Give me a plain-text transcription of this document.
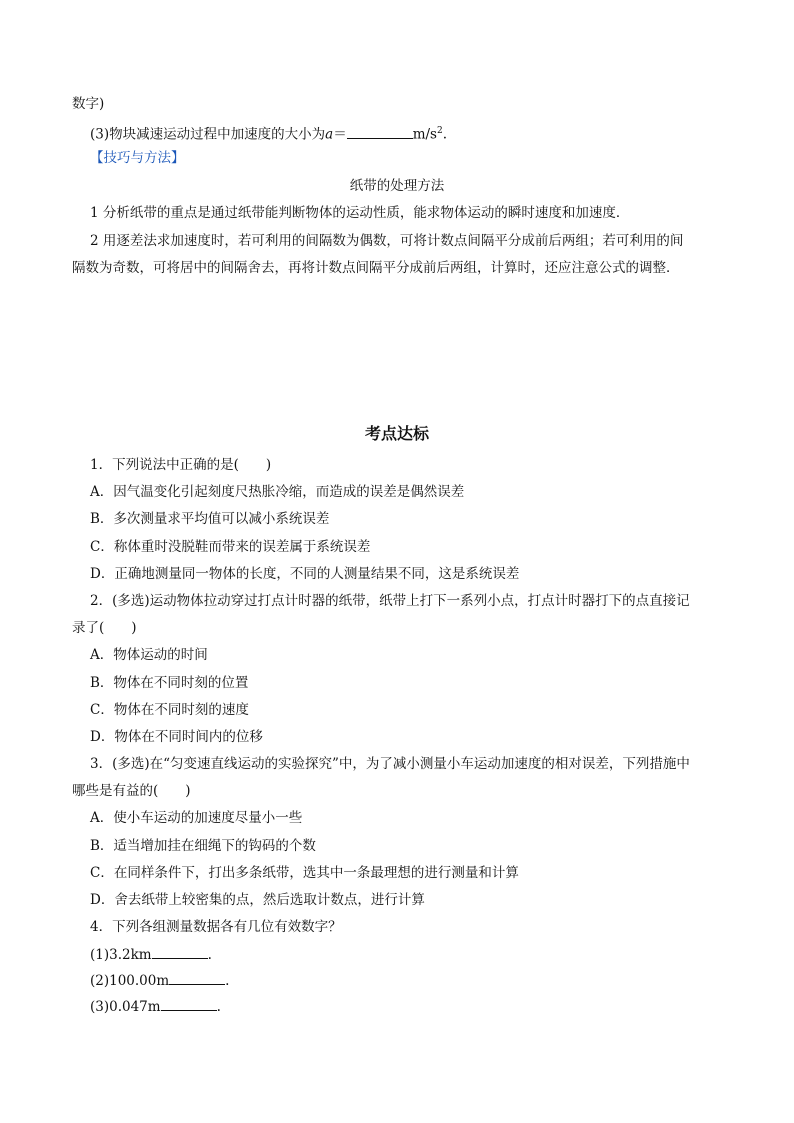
数字)
(3)物块减速运动过程中加速度的大小为a＝	$m/s^2$.
【技巧与方法】
纸带的处理方法
1 分析纸带的重点是通过纸带能判断物体的运动性质，能求物体运动的瞬时速度和加速度．
2 用逐差法求加速度时，若可利用的间隔数为偶数，可将计数点间隔平分成前后两组；若可利用的间
隔数为奇数，可将居中的间隔舍去，再将计数点间隔平分成前后两组，计算时，还应注意公式的调整．
考点达标
1．下列说法中正确的是(　　)
A．因气温变化引起刻度尺热胀冷缩，而造成的误差是偶然误差
B．多次测量求平均值可以减小系统误差
C．称体重时没脱鞋而带来的误差属于系统误差
D．正确地测量同一物体的长度，不同的人测量结果不同，这是系统误差
2．(多选)运动物体拉动穿过打点计时器的纸带，纸带上打下一系列小点，打点计时器打下的点直接记
录了(　　)
A．物体运动的时间
B．物体在不同时刻的位置
C．物体在不同时刻的速度
D．物体在不同时间内的位移
3．(多选)在“匀变速直线运动的实验探究”中，为了减小测量小车运动加速度的相对误差，下列措施中
哪些是有益的(　　)
A．使小车运动的加速度尽量小一些
B．适当增加挂在细绳下的钩码的个数
C．在同样条件下，打出多条纸带，选其中一条最理想的进行测量和计算
D．舍去纸带上较密集的点，然后选取计数点，进行计算
4．下列各组测量数据各有几位有效数字？
(1)3.2km	.
(2)100.00m	.
(3)0.047m	.
